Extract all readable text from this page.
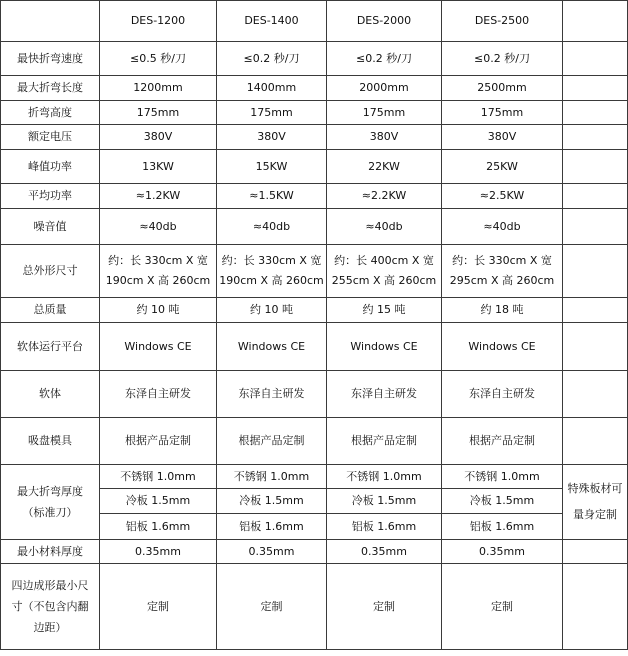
	DES-1200	DES-1400	DES-2000	DES-2500	
最快折弯速度	≤0.5 秒/刀	≤0.2 秒/刀	≤0.2 秒/刀	≤0.2 秒/刀	
最大折弯长度	1200mm	1400mm	2000mm	2500mm	
折弯高度	175mm	175mm	175mm	175mm	
额定电压	380V	380V	380V	380V	
峰值功率	13KW	15KW	22KW	25KW	
平均功率	≈1.2KW	≈1.5KW	≈2.2KW	≈2.5KW	
噪音值	≈40db	≈40db	≈40db	≈40db	
总外形尺寸	约：长 330cm X 宽 190cm X 高 260cm	约：长 330cm X 宽 190cm X 高 260cm	约：长 400cm X 宽 255cm X 高 260cm	约：长 330cm X 宽 295cm X 高 260cm	
总质量	约 10 吨	约 10 吨	约 15 吨	约 18 吨	
软体运行平台	Windows CE	Windows CE	Windows CE	Windows CE	
软体	东泽自主研发	东泽自主研发	东泽自主研发	东泽自主研发	
吸盘模具	根据产品定制	根据产品定制	根据产品定制	根据产品定制	
最大折弯厚度（标准刀）	不锈钢 1.0mm	不锈钢 1.0mm	不锈钢 1.0mm	不锈钢 1.0mm	特殊板材可量身定制
	冷板 1.5mm	冷板 1.5mm	冷板 1.5mm	冷板 1.5mm	
	铝板 1.6mm	铝板 1.6mm	铝板 1.6mm	铝板 1.6mm	
最小材料厚度	0.35mm	0.35mm	0.35mm	0.35mm	
四边成形最小尺寸（不包含内翻边距）	定制	定制	定制	定制	
